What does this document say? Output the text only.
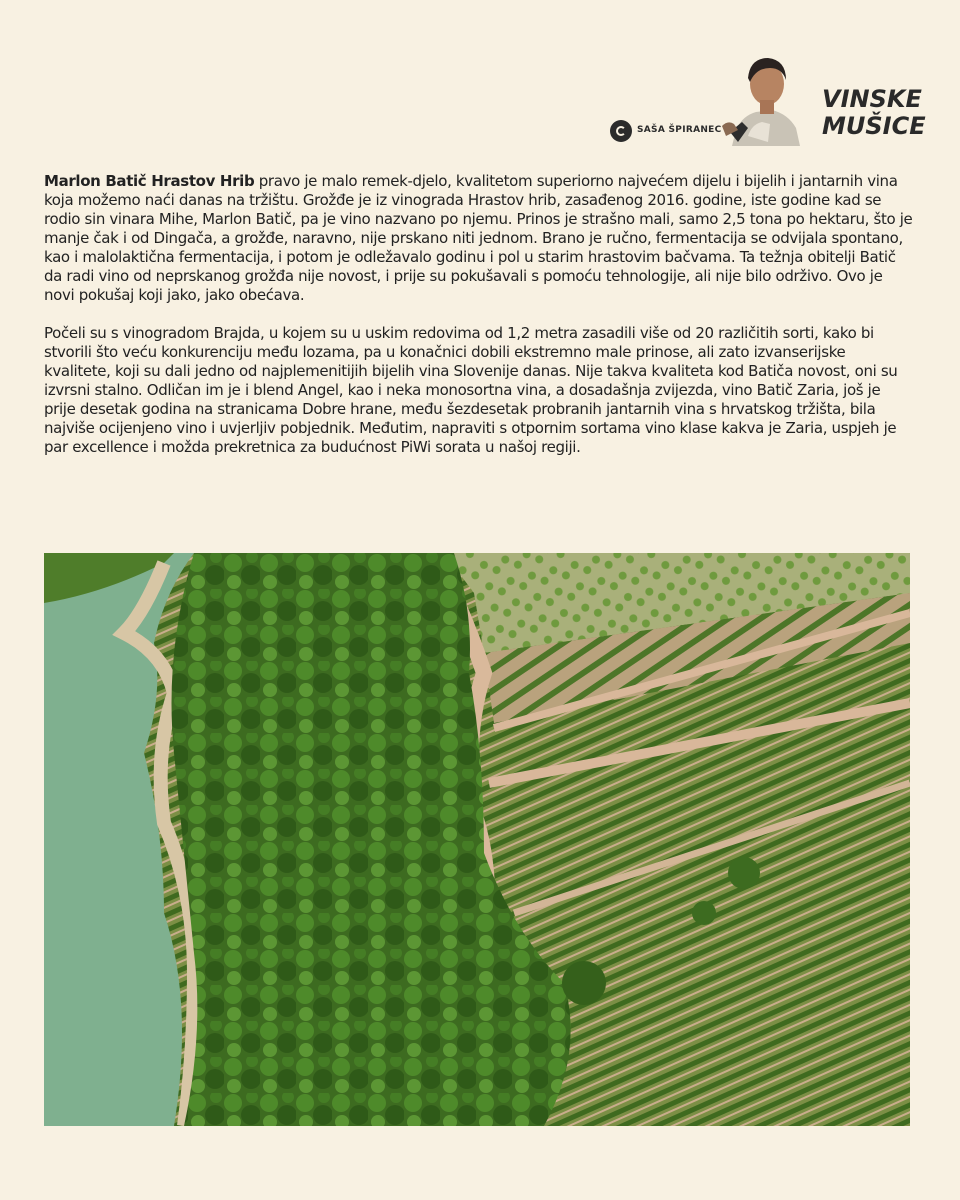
SAŠA ŠPIRANEC
VINSKE
MUŠICE

Marlon Batič Hrastov Hrib pravo je malo remek-djelo, kvalitetom superiorno najvećem dijelu i bijelih i jantarnih vina koja možemo naći danas na tržištu. Grožđe je iz vinograda Hrastov hrib, zasađenog 2016. godine, iste godine kad se rodio sin vinara Mihe, Marlon Batič, pa je vino nazvano po njemu. Prinos je strašno mali, samo 2,5 tona po hektaru, što je manje čak i od Dingača, a grožđe, naravno, nije prskano niti jednom. Brano je ručno, fermentacija se odvijala spontano, kao i malolaktična fermentacija, i potom je odležavalo godinu i pol u starim hrastovim bačvama. Ta težnja obitelji Batič da radi vino od neprskanog grožđa nije novost, i prije su pokušavali s pomoću tehnologije, ali nije bilo održivo. Ovo je novi pokušaj koji jako, jako obećava.

Počeli su s vinogradom Brajda, u kojem su u uskim redovima od 1,2 metra zasadili više od 20 različitih sorti, kako bi stvorili što veću konkurenciju među lozama, pa u konačnici dobili ekstremno male prinose, ali zato izvanserijske kvalitete, koji su dali jedno od najplemenitijih bijelih vina Slovenije danas. Nije takva kvaliteta kod Batiča novost, oni su izvrsni stalno. Odličan im je i blend Angel, kao i neka monosortna vina, a dosadašnja zvijezda, vino Batič Zaria, još je prije desetak godina na stranicama Dobre hrane, među šezdesetak probranih jantarnih vina s hrvatskog tržišta, bila najviše ocijenjeno vino i uvjerljiv pobjednik. Međutim, napraviti s otpornim sortama vino klase kakva je Zaria, uspjeh je par excellence i možda prekretnica za budućnost PiWi sorata u našoj regiji.
